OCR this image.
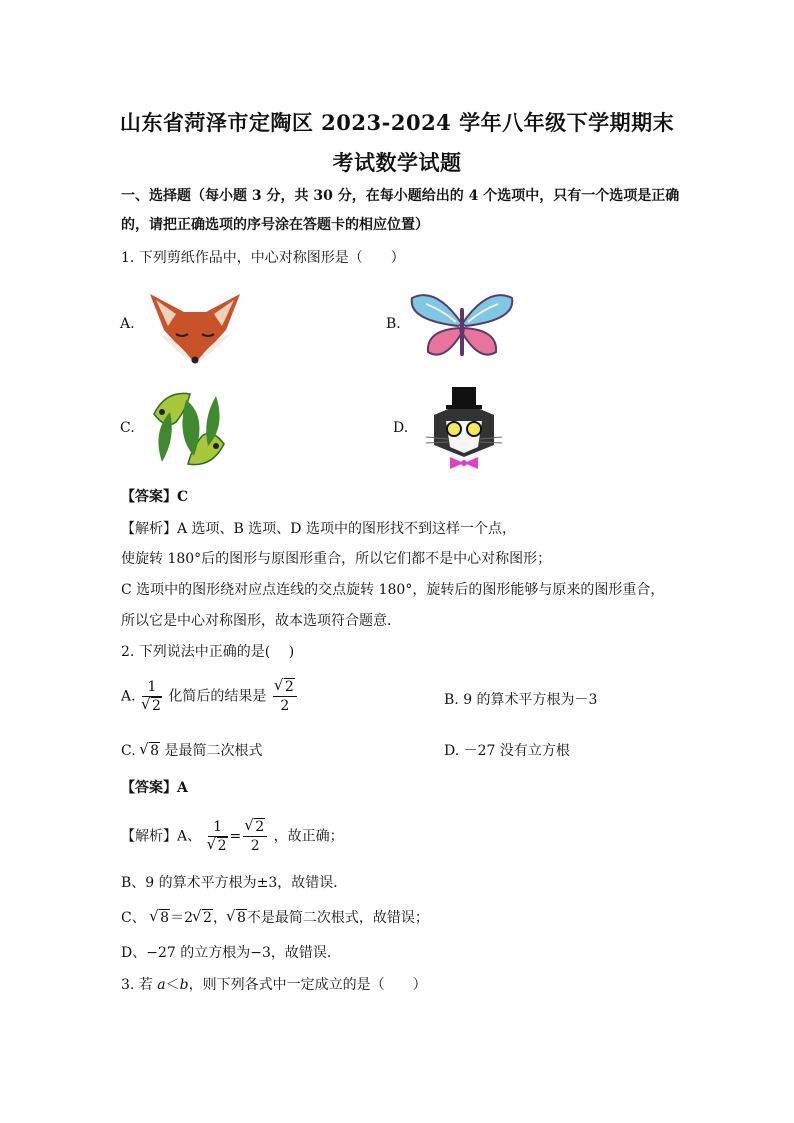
山东省菏泽市定陶区 2023-2024 学年八年级下学期期末
考试数学试题
一、选择题（每小题 3 分，共 30 分，在每小题给出的 4 个选项中，只有一个选项是正确
的，请把正确选项的序号涂在答题卡的相应位置）
1. 下列剪纸作品中，中心对称图形是（　　）
A.	B.
C.	D.
【答案】C
【解析】A 选项、B 选项、D 选项中的图形找不到这样一个点，
使旋转 180°后的图形与原图形重合，所以它们都不是中心对称图形；
C 选项中的图形绕对应点连线的交点旋转 180°，旋转后的图形能够与原来的图形重合，
所以它是中心对称图形，故本选项符合题意．
2. 下列说法中正确的是(　 )
A. 1
√ 2 化简后的结果是 √ $\frac{2}{2}$	B. 9 的算术平方根为－3
C. √ 8 是最简二次根式	D. －27 没有立方根
【答案】A
【解析】A、 1
√ 2 = √ $\frac{2}{2}$ ，故正确；
B、9 的算术平方根为±3，故错误．
C、 √ 8＝2 √ 2， √ 8不是最简二次根式，故错误；
D、−27 的立方根为−3，故错误．
3. 若 a＜b，则下列各式中一定成立的是（　　）
